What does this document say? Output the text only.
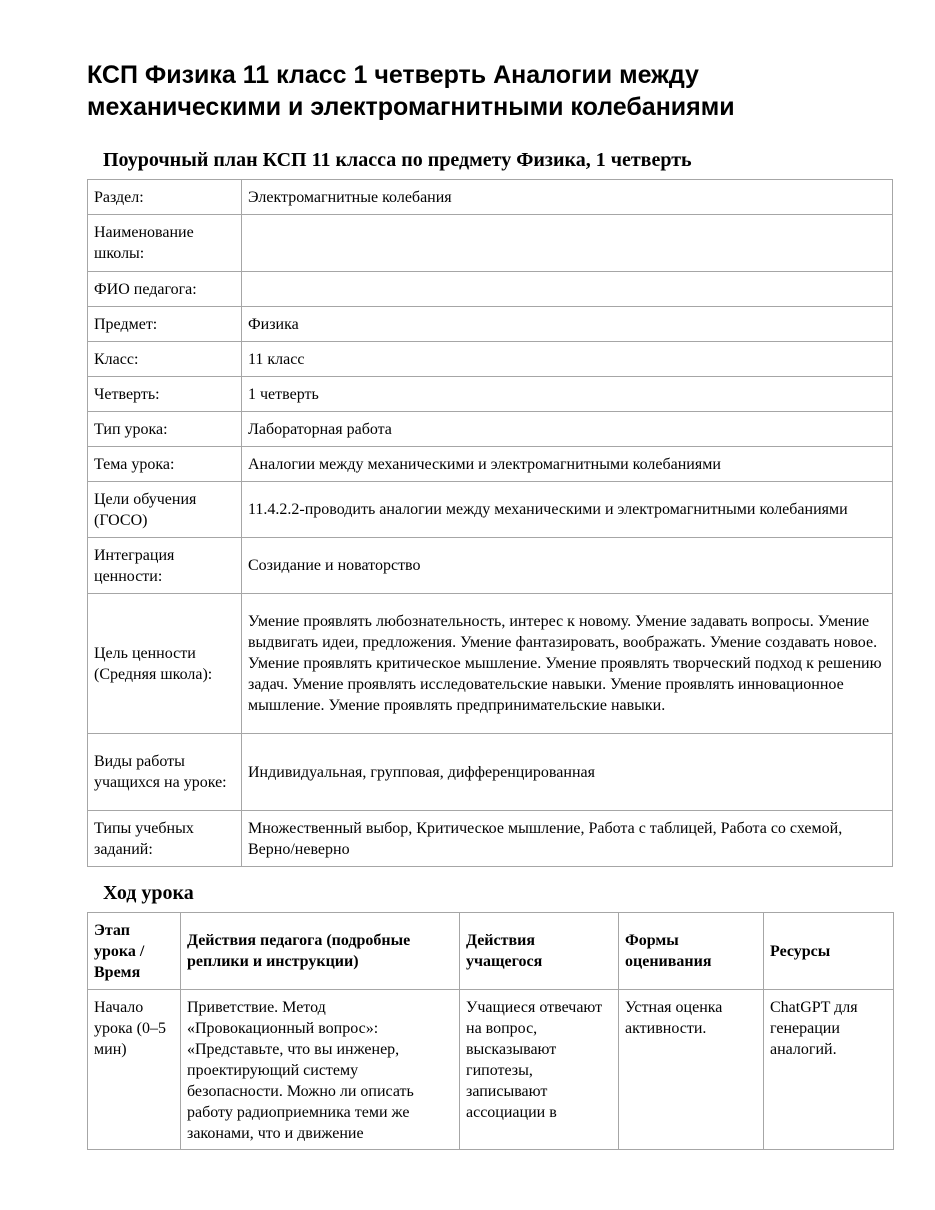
КСП Физика 11 класс 1 четверть Аналогии между механическими и электромагнитными колебаниями
Поурочный план КСП 11 класса по предмету Физика, 1 четверть
Раздел:	Электромагнитные колебания
Наименование школы:	
ФИО педагога:	
Предмет:	Физика
Класс:	11 класс
Четверть:	1 четверть
Тип урока:	Лабораторная работа
Тема урока:	Аналогии между механическими и электромагнитными колебаниями
Цели обучения (ГОСО)	11.4.2.2-проводить аналогии между механическими и электромагнитными колебаниями
Интеграция ценности:	Созидание и новаторство
Цель ценности (Средняя школа):	Умение проявлять любознательность, интерес к новому. Умение задавать вопросы. Умение выдвигать идеи, предложения. Умение фантазировать, воображать. Умение создавать новое. Умение проявлять критическое мышление. Умение проявлять творческий подход к решению задач. Умение проявлять исследовательские навыки. Умение проявлять инновационное мышление. Умение проявлять предпринимательские навыки.
Виды работы учащихся на уроке:	Индивидуальная, групповая, дифференцированная
Типы учебных заданий:	Множественный выбор, Критическое мышление, Работа с таблицей, Работа со схемой, Верно/неверно
Ход урока
Этап урока / Время	Действия педагога (подробные реплики и инструкции)	Действия учащегося	Формы оценивания	Ресурсы
Начало урока (0–5 мин)	Приветствие. Метод «Провокационный вопрос»: «Представьте, что вы инженер, проектирующий систему безопасности. Можно ли описать работу радиоприемника теми же законами, что и движение	Учащиеся отвечают на вопрос, высказывают гипотезы, записывают ассоциации в	Устная оценка активности.	ChatGPT для генерации аналогий.
